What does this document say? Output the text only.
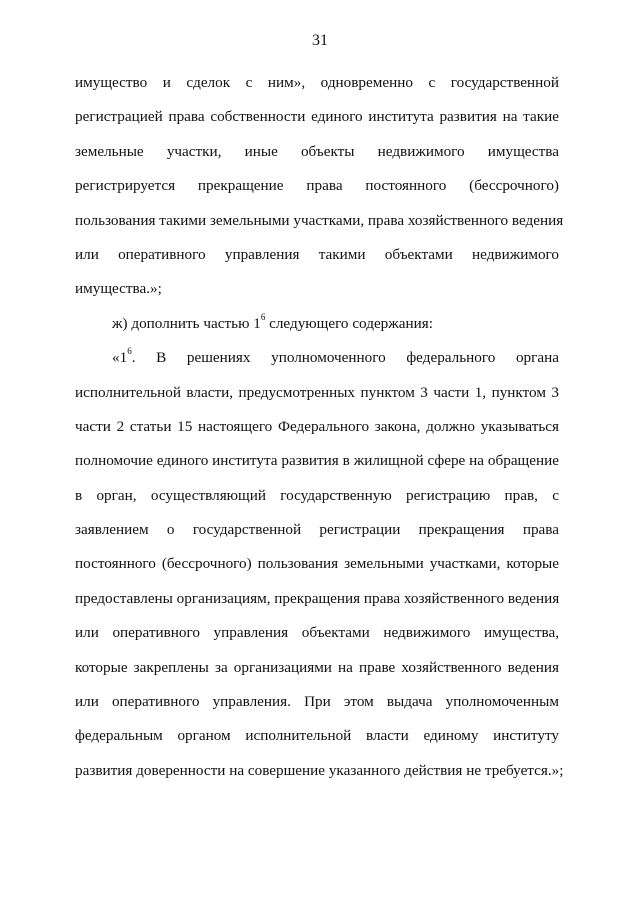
31
имущество и сделок с ним», одновременно с государственной
регистрацией права собственности единого института развития на такие
земельные участки, иные объекты недвижимого имущества
регистрируется прекращение права постоянного (бессрочного)
пользования такими земельными участками, права хозяйственного ведения
или оперативного управления такими объектами недвижимого
имущества.»;
ж) дополнить частью $1^6$ следующего содержания:
«$1^6$. В решениях уполномоченного федерального органа
исполнительной власти, предусмотренных пунктом 3 части 1, пунктом 3
части 2 статьи 15 настоящего Федерального закона, должно указываться
полномочие единого института развития в жилищной сфере на обращение
в орган, осуществляющий государственную регистрацию прав, с
заявлением о государственной регистрации прекращения права
постоянного (бессрочного) пользования земельными участками, которые
предоставлены организациям, прекращения права хозяйственного ведения
или оперативного управления объектами недвижимого имущества,
которые закреплены за организациями на праве хозяйственного ведения
или оперативного управления. При этом выдача уполномоченным
федеральным органом исполнительной власти единому институту
развития доверенности на совершение указанного действия не требуется.»;
